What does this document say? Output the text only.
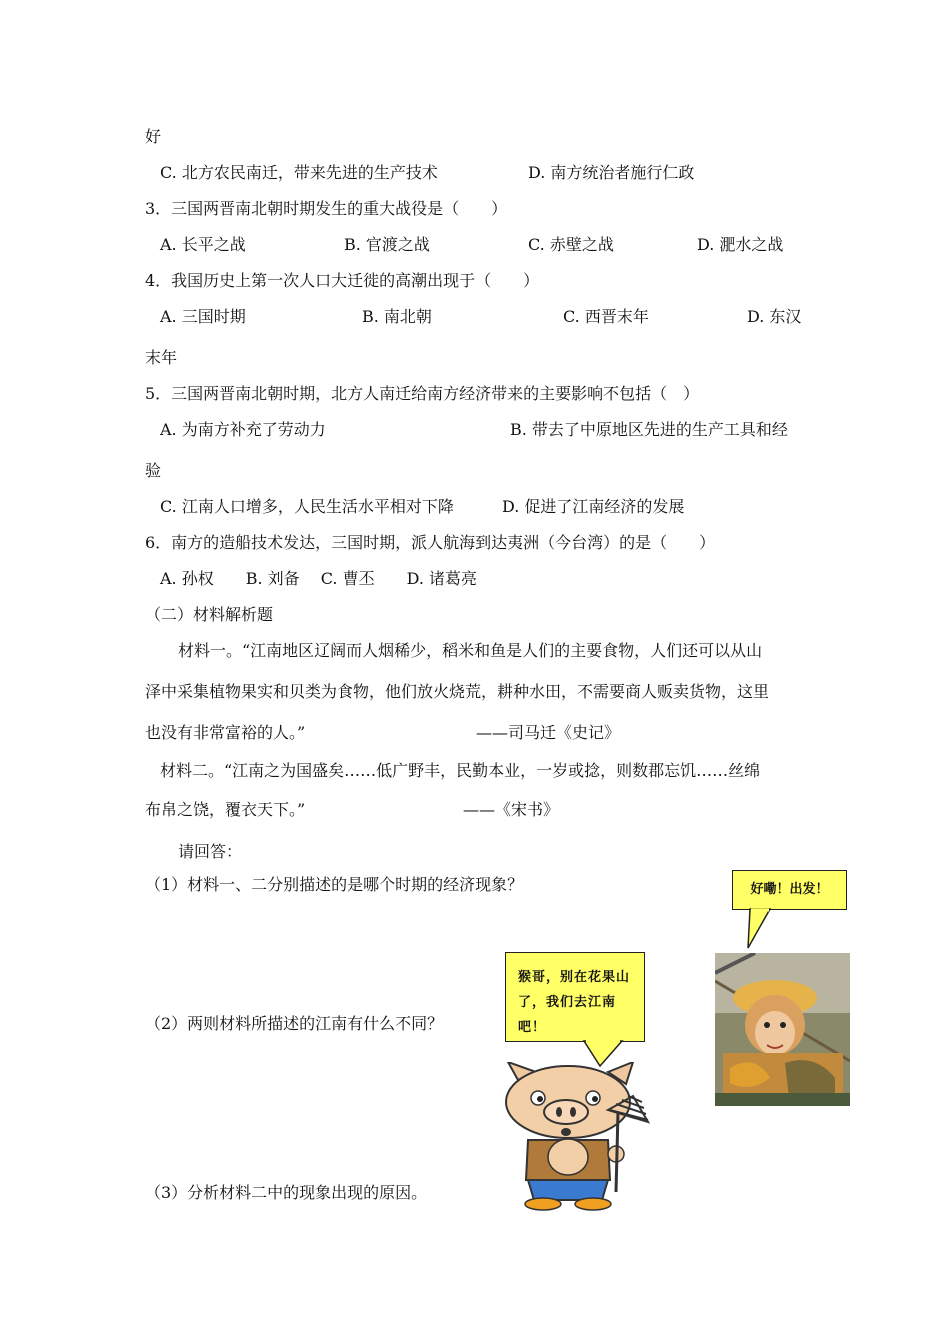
好
C. 北方农民南迁，带来先进的生产技术	D. 南方统治者施行仁政
3．三国两晋南北朝时期发生的重大战役是（　　）
A. 长平之战	B. 官渡之战	C. 赤壁之战	D. 淝水之战
4．我国历史上第一次人口大迁徙的高潮出现于（　　）
A. 三国时期	B. 南北朝	C. 西晋末年	D. 东汉
末年
5．三国两晋南北朝时期，北方人南迁给南方经济带来的主要影响不包括（　）
A. 为南方补充了劳动力	B. 带去了中原地区先进的生产工具和经
验
C. 江南人口增多，人民生活水平相对下降	D. 促进了江南经济的发展
6．南方的造船技术发达，三国时期，派人航海到达夷洲（今台湾）的是（　　）
A. 孙权　　B. 刘备　 C. 曹丕　　D. 诸葛亮
（二）材料解析题
材料一。“江南地区辽阔而人烟稀少，稻米和鱼是人们的主要食物，人们还可以从山
泽中采集植物果实和贝类为食物，他们放火烧荒，耕种水田，不需要商人贩卖货物，这里
也没有非常富裕的人。”	——司马迁《史记》
材料二。“江南之为国盛矣……低广野丰，民勤本业，一岁或捻，则数郡忘饥……丝绵
布帛之饶，覆衣天下。”	——《宋书》
请回答：
（1）材料一、二分别描述的是哪个时期的经济现象？
（2）两则材料所描述的江南有什么不同？
（3）分析材料二中的现象出现的原因。
好嘞！出发！
猴哥，别在花果山了，我们去江南吧！
